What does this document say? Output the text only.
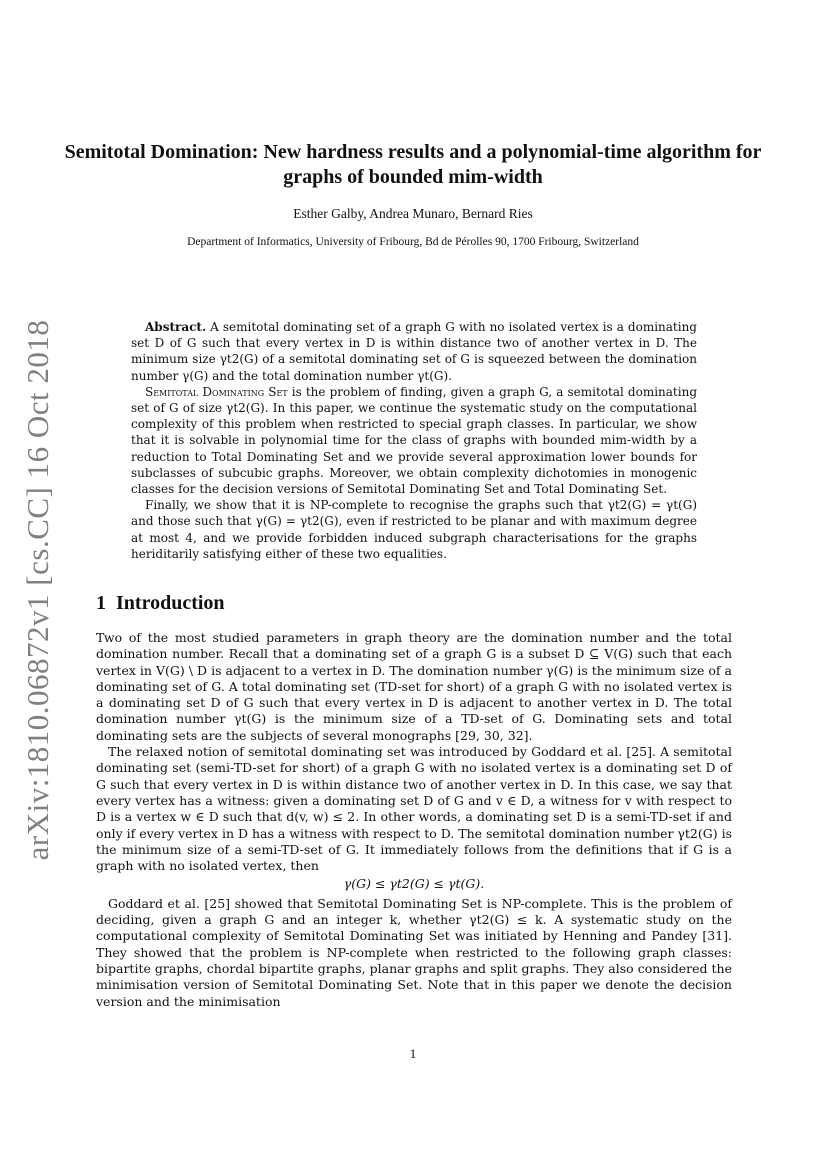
arXiv:1810.06872v1 [cs.CC] 16 Oct 2018
Semitotal Domination: New hardness results and a polynomial-time algorithm for graphs of bounded mim-width

Esther Galby, Andrea Munaro, Bernard Ries

Department of Informatics, University of Fribourg, Bd de Pérolles 90, 1700 Fribourg, Switzerland

Abstract. A semitotal dominating set of a graph G with no isolated vertex is a dominating set D of G such that every vertex in D is within distance two of another vertex in D. The minimum size γt2(G) of a semitotal dominating set of G is squeezed between the domination number γ(G) and the total domination number γt(G).

Semitotal Dominating Set is the problem of finding, given a graph G, a semitotal dominating set of G of size γt2(G). In this paper, we continue the systematic study on the computational complexity of this problem when restricted to special graph classes. In particular, we show that it is solvable in polynomial time for the class of graphs with bounded mim-width by a reduction to Total Dominating Set and we provide several approximation lower bounds for subclasses of subcubic graphs. Moreover, we obtain complexity dichotomies in monogenic classes for the decision versions of Semitotal Dominating Set and Total Dominating Set.

Finally, we show that it is NP-complete to recognise the graphs such that γt2(G) = γt(G) and those such that γ(G) = γt2(G), even if restricted to be planar and with maximum degree at most 4, and we provide forbidden induced subgraph characterisations for the graphs heriditarily satisfying either of these two equalities.

1 Introduction

Two of the most studied parameters in graph theory are the domination number and the total domination number. Recall that a dominating set of a graph G is a subset D ⊆ V(G) such that each vertex in V(G) \ D is adjacent to a vertex in D. The domination number γ(G) is the minimum size of a dominating set of G. A total dominating set (TD-set for short) of a graph G with no isolated vertex is a dominating set D of G such that every vertex in D is adjacent to another vertex in D. The total domination number γt(G) is the minimum size of a TD-set of G. Dominating sets and total dominating sets are the subjects of several monographs [29, 30, 32].

The relaxed notion of semitotal dominating set was introduced by Goddard et al. [25]. A semitotal dominating set (semi-TD-set for short) of a graph G with no isolated vertex is a dominating set D of G such that every vertex in D is within distance two of another vertex in D. In this case, we say that every vertex has a witness: given a dominating set D of G and v ∈ D, a witness for v with respect to D is a vertex w ∈ D such that d(v, w) ≤ 2. In other words, a dominating set D is a semi-TD-set if and only if every vertex in D has a witness with respect to D. The semitotal domination number γt2(G) is the minimum size of a semi-TD-set of G. It immediately follows from the definitions that if G is a graph with no isolated vertex, then

γ(G) ≤ γt2(G) ≤ γt(G).

Goddard et al. [25] showed that Semitotal Dominating Set is NP-complete. This is the problem of deciding, given a graph G and an integer k, whether γt2(G) ≤ k. A systematic study on the computational complexity of Semitotal Dominating Set was initiated by Henning and Pandey [31]. They showed that the problem is NP-complete when restricted to the following graph classes: bipartite graphs, chordal bipartite graphs, planar graphs and split graphs. They also considered the minimisation version of Semitotal Dominating Set. Note that in this paper we denote the decision version and the minimisation

1
